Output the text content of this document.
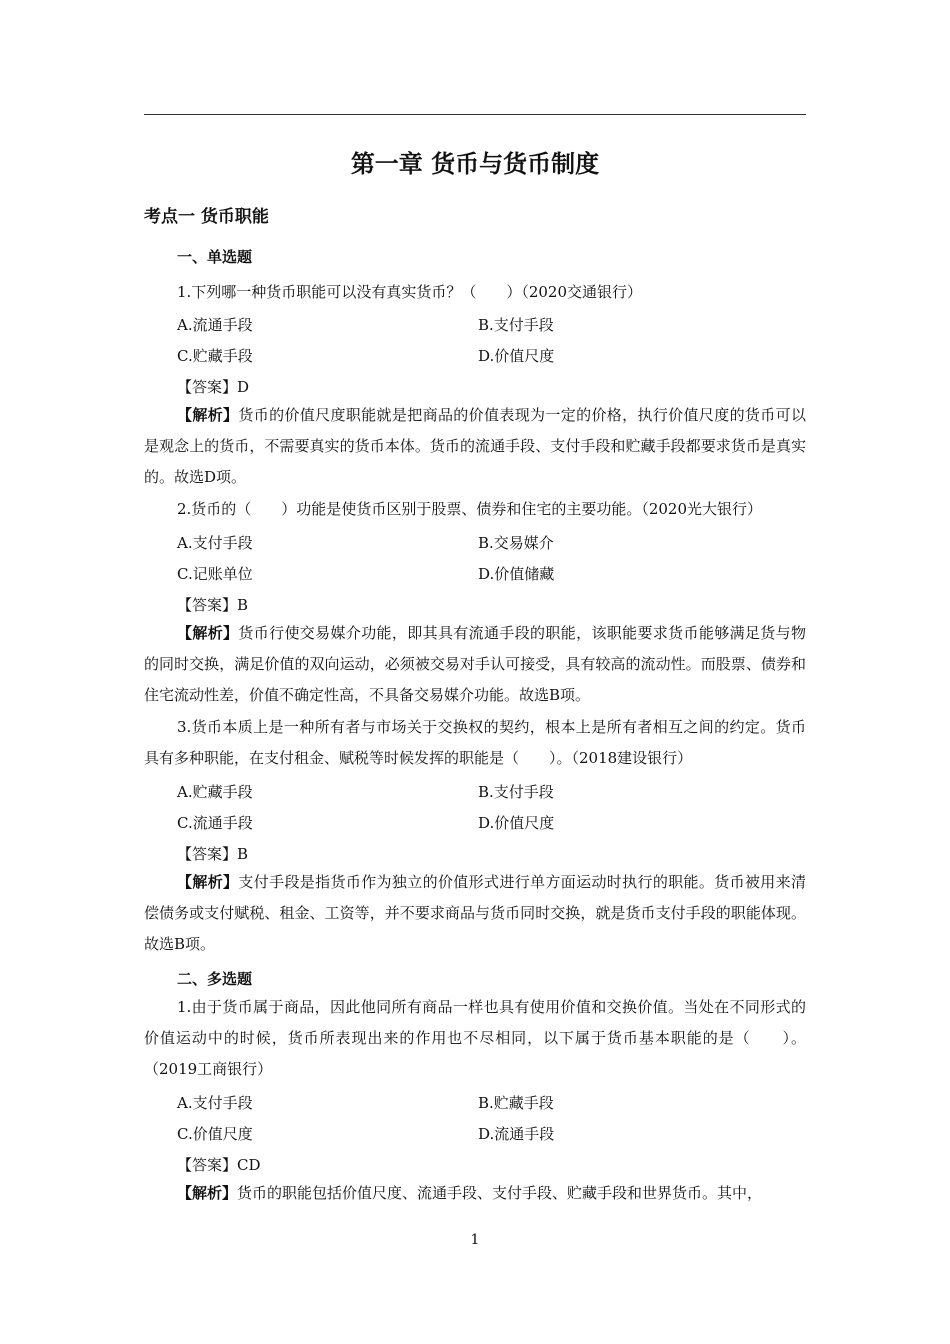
第一章 货币与货币制度
考点一 货币职能
一、单选题
1.下列哪一种货币职能可以没有真实货币？（　　）（2020交通银行）
A.流通手段	B.支付手段
C.贮藏手段	D.价值尺度
【答案】D
【解析】货币的价值尺度职能就是把商品的价值表现为一定的价格，执行价值尺度的货币可以是观念上的货币，不需要真实的货币本体。货币的流通手段、支付手段和贮藏手段都要求货币是真实的。故选D项。
2.货币的（　　）功能是使货币区别于股票、债券和住宅的主要功能。（2020光大银行）
A.支付手段	B.交易媒介
C.记账单位	D.价值储藏
【答案】B
【解析】货币行使交易媒介功能，即其具有流通手段的职能，该职能要求货币能够满足货与物的同时交换，满足价值的双向运动，必须被交易对手认可接受，具有较高的流动性。而股票、债券和住宅流动性差，价值不确定性高，不具备交易媒介功能。故选B项。
3.货币本质上是一种所有者与市场关于交换权的契约，根本上是所有者相互之间的约定。货币具有多种职能，在支付租金、赋税等时候发挥的职能是（　　）。（2018建设银行）
A.贮藏手段	B.支付手段
C.流通手段	D.价值尺度
【答案】B
【解析】支付手段是指货币作为独立的价值形式进行单方面运动时执行的职能。货币被用来清偿债务或支付赋税、租金、工资等，并不要求商品与货币同时交换，就是货币支付手段的职能体现。故选B项。
二、多选题
1.由于货币属于商品，因此他同所有商品一样也具有使用价值和交换价值。当处在不同形式的价值运动中的时候，货币所表现出来的作用也不尽相同，以下属于货币基本职能的是（　　）。（2019工商银行）
A.支付手段	B.贮藏手段
C.价值尺度	D.流通手段
【答案】CD
【解析】货币的职能包括价值尺度、流通手段、支付手段、贮藏手段和世界货币。其中，
1
